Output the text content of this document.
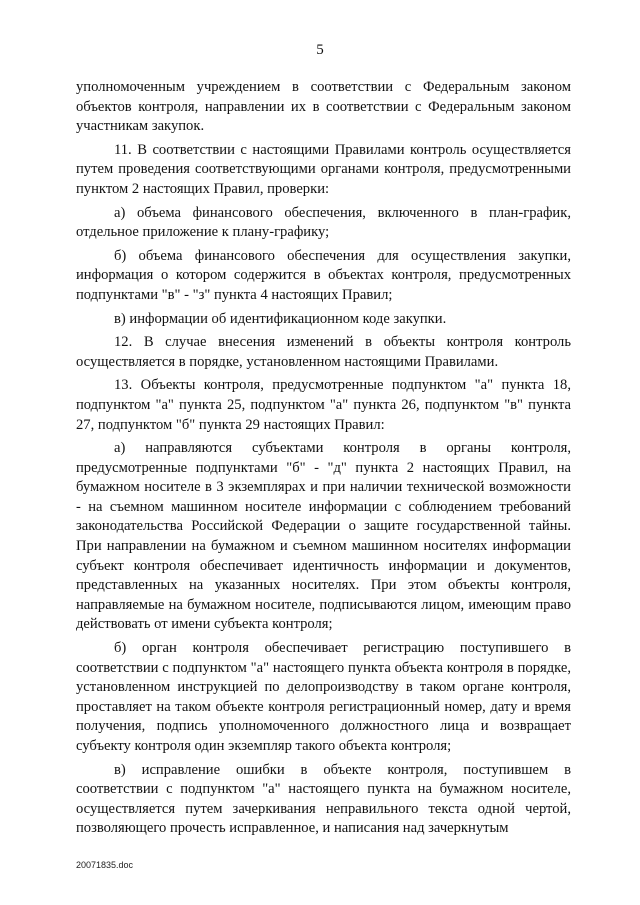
5

уполномоченным учреждением в соответствии с Федеральным законом объектов контроля, направлении их в соответствии с Федеральным законом участникам закупок.

11. В соответствии с настоящими Правилами контроль осуществляется путем проведения соответствующими органами контроля, предусмотренными пунктом 2 настоящих Правил, проверки:

а) объема финансового обеспечения, включенного в план-график, отдельное приложение к плану-графику;

б) объема финансового обеспечения для осуществления закупки, информация о котором содержится в объектах контроля, предусмотренных подпунктами "в" - "з" пункта 4 настоящих Правил;

в) информации об идентификационном коде закупки.

12. В случае внесения изменений в объекты контроля контроль осуществляется в порядке, установленном настоящими Правилами.

13. Объекты контроля, предусмотренные подпунктом "а" пункта 18, подпунктом "а" пункта 25, подпунктом "а" пункта 26, подпунктом "в" пункта 27, подпунктом "б" пункта 29 настоящих Правил:

а) направляются субъектами контроля в органы контроля, предусмотренные подпунктами "б" - "д" пункта 2 настоящих Правил, на бумажном носителе в 3 экземплярах и при наличии технической возможности - на съемном машинном носителе информации с соблюдением требований законодательства Российской Федерации о защите государственной тайны. При направлении на бумажном и съемном машинном носителях информации субъект контроля обеспечивает идентичность информации и документов, представленных на указанных носителях. При этом объекты контроля, направляемые на бумажном носителе, подписываются лицом, имеющим право действовать от имени субъекта контроля;

б) орган контроля обеспечивает регистрацию поступившего в соответствии с подпунктом "а" настоящего пункта объекта контроля в порядке, установленном инструкцией по делопроизводству в таком органе контроля, проставляет на таком объекте контроля регистрационный номер, дату и время получения, подпись уполномоченного должностного лица и возвращает субъекту контроля один экземпляр такого объекта контроля;

в) исправление ошибки в объекте контроля, поступившем в соответствии с подпунктом "а" настоящего пункта на бумажном носителе, осуществляется путем зачеркивания неправильного текста одной чертой, позволяющего прочесть исправленное, и написания над зачеркнутым

20071835.doc
